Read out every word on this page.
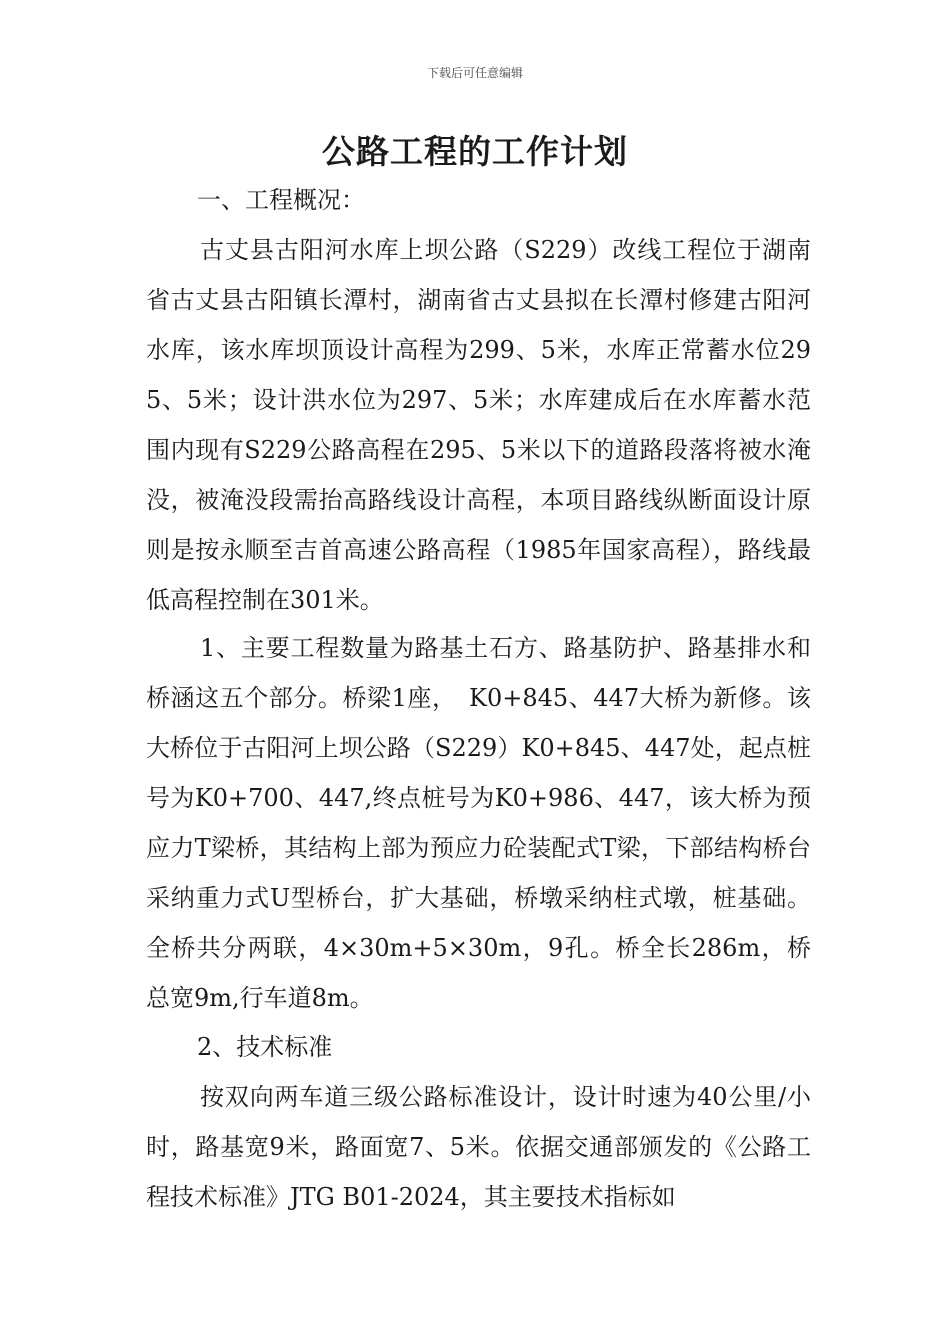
下载后可任意编辑
公路工程的工作计划
一、工程概况：

古丈县古阳河水库上坝公路（S229）改线工程位于湖南省古丈县古阳镇长潭村，湖南省古丈县拟在长潭村修建古阳河水库，该水库坝顶设计高程为299、5米，水库正常蓄水位295、5米；设计洪水位为297、5米；水库建成后在水库蓄水范围内现有S229公路高程在295、5米以下的道路段落将被水淹没，被淹没段需抬高路线设计高程，本项目路线纵断面设计原则是按永顺至吉首高速公路高程（1985年国家高程），路线最低高程控制在301米。

1、主要工程数量为路基土石方、路基防护、路基排水和桥涵这五个部分。桥梁1座，　K0+845、447大桥为新修。该大桥位于古阳河上坝公路（S229）K0+845、447处，起点桩号为K0+700、447,终点桩号为K0+986、447，该大桥为预应力T梁桥，其结构上部为预应力砼装配式T梁，下部结构桥台采纳重力式U型桥台，扩大基础，桥墩采纳柱式墩，桩基础。全桥共分两联，4×30m+5×30m，9孔。桥全长286m，桥总宽9m,行车道8m。

2、技术标准

按双向两车道三级公路标准设计，设计时速为40公里/小时，路基宽9米，路面宽7、5米。依据交通部颁发的《公路工程技术标准》JTG B01-2024，其主要技术指标如
